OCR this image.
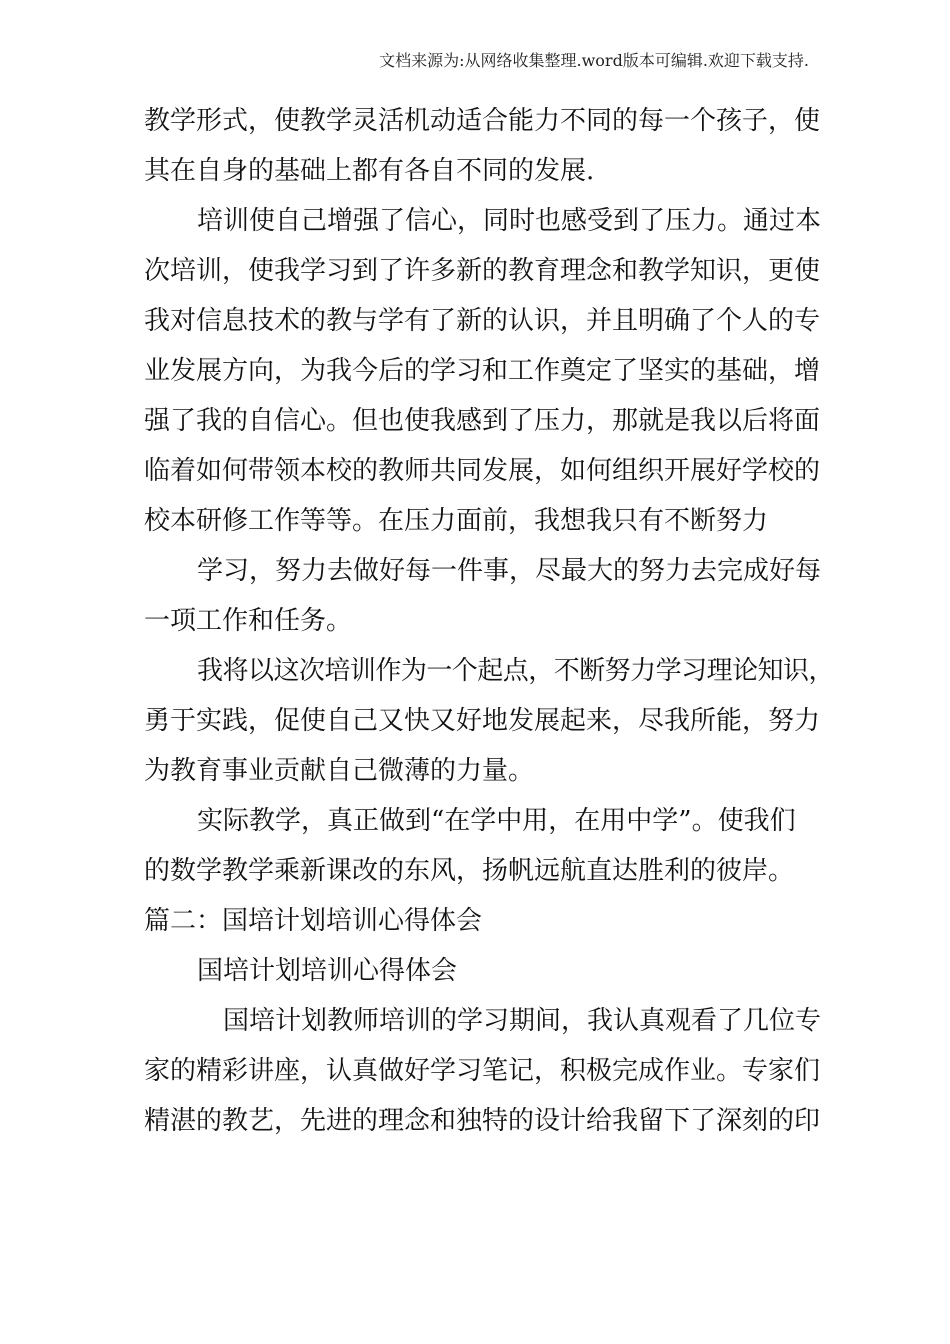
文档来源为:从网络收集整理.word版本可编辑.欢迎下载支持.
教学形式，使教学灵活机动适合能力不同的每一个孩子，使
其在自身的基础上都有各自不同的发展.
培训使自己增强了信心，同时也感受到了压力。通过本
次培训，使我学习到了许多新的教育理念和教学知识，更使
我对信息技术的教与学有了新的认识，并且明确了个人的专
业发展方向，为我今后的学习和工作奠定了坚实的基础，增
强了我的自信心。但也使我感到了压力，那就是我以后将面
临着如何带领本校的教师共同发展，如何组织开展好学校的
校本研修工作等等。在压力面前，我想我只有不断努力
学习，努力去做好每一件事，尽最大的努力去完成好每
一项工作和任务。
我将以这次培训作为一个起点，不断努力学习理论知识，
勇于实践，促使自己又快又好地发展起来，尽我所能，努力
为教育事业贡献自己微薄的力量。
实际教学，真正做到“在学中用，在用中学”。使我们
的数学教学乘新课改的东风，扬帆远航直达胜利的彼岸。
篇二：国培计划培训心得体会
国培计划培训心得体会
国培计划教师培训的学习期间，我认真观看了几位专
家的精彩讲座，认真做好学习笔记，积极完成作业。专家们
精湛的教艺，先进的理念和独特的设计给我留下了深刻的印
